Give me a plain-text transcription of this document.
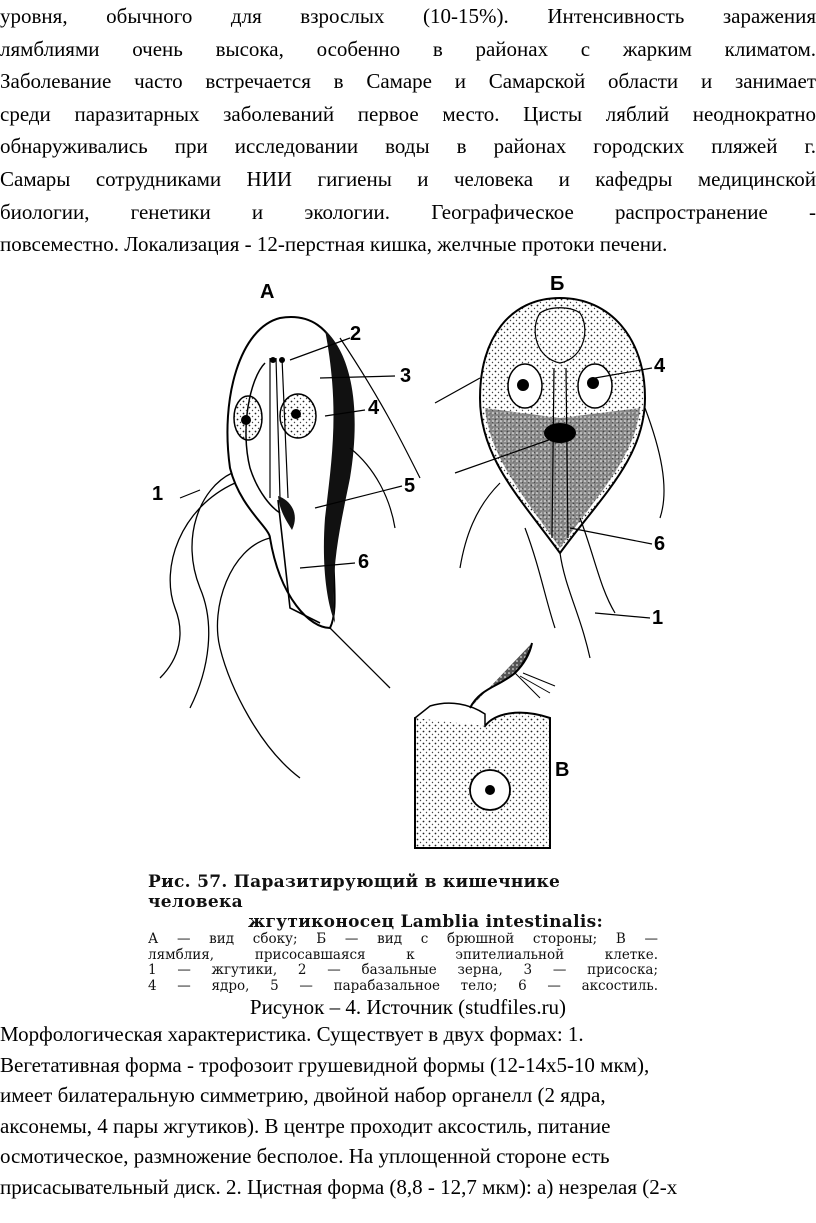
уровня, обычного для взрослых (10-15%). Интенсивность заражения
лямблиями очень высока, особенно в районах с жарким климатом.
Заболевание часто встречается в Самаре и Самарской области и занимает
среди паразитарных заболеваний первое место. Цисты ляблий неоднократно
обнаруживались при исследовании воды в районах городских пляжей г.
Самары сотрудниками НИИ гигиены и человека и кафедры медицинской
биологии, генетики и экологии. Географическое распространение -
повсеместно. Локализация - 12-перстная кишка, желчные протоки печени.
А	Б
В
2
3
4
5
6
1
4
6
1
Рис. 57. Паразитирующий в кишечнике человека
жгутиконосец Lamblia intestinalis:
А — вид сбоку; Б — вид с брюшной стороны; В —
лямблия, присосавшаяся к эпителиальной клетке.
1 — жгутики, 2 — базальные зерна, 3 — присоска;
4 — ядро, 5 — парабазальное тело; 6 — аксостиль.
Рисунок – 4. Источник (studfiles.ru)
Морфологическая характеристика. Существует в двух формах: 1.
Вегетативная форма - трофозоит грушевидной формы (12-14х5-10 мкм),
имеет билатеральную симметрию, двойной набор органелл (2 ядра,
аксонемы, 4 пары жгутиков). В центре проходит аксостиль, питание
осмотическое, размножение бесполое. На уплощенной стороне есть
присасывательный диск. 2. Цистная форма (8,8 - 12,7 мкм): а) незрелая (2-х
